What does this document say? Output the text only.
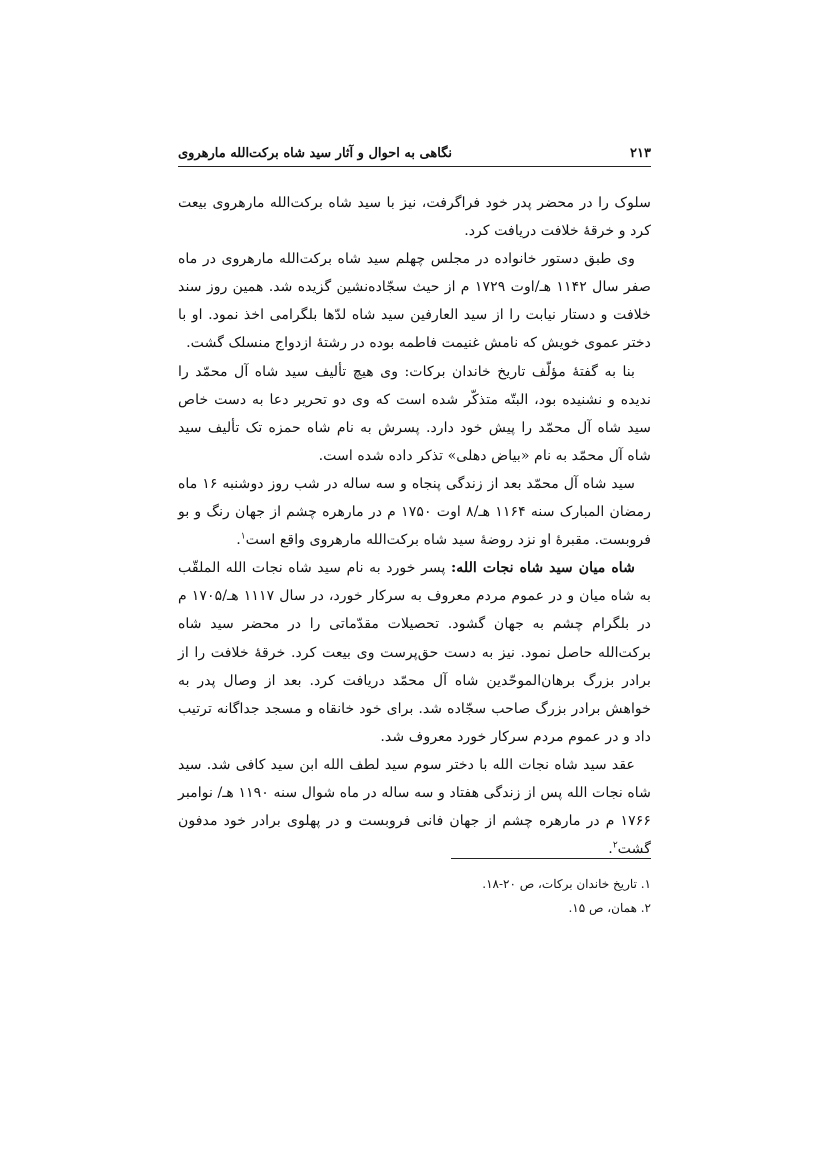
۲۱۳
نگاهی به احوال و آثار سید شاه برکت‌الله مارهروی

سلوک را در محضر پدر خود فراگرفت، نیز با سید شاه برکت‌الله مارهروی بیعت کرد و خرقهٔ خلافت دریافت کرد.

وی طبق دستور خانواده در مجلس چهلم سید شاه برکت‌الله مارهروی در ماه صفر سال ۱۱۴۲ هـ/اوت ۱۷۲۹ م از حیث سجّاده‌نشین گزیده شد. همین روز سند خلافت و دستار نیابت را از سید العارفین سید شاه لدّها بلگرامی اخذ نمود. او با دختر عموی خویش که نامش غنیمت فاطمه بوده در رشتهٔ ازدواج منسلک گشت.

بنا به گفتهٔ مؤلّف تاریخ خاندان برکات: وی هیچ تألیف سید شاه آل محمّد را ندیده و نشنیده بود، البتّه متذکّر شده است که وی دو تحریر دعا به دست خاص سید شاه آل محمّد را پیش خود دارد. پسرش به نام شاه حمزه تک تألیف سید شاه آل محمّد به نام «بیاض دهلی» تذکر داده شده است.

سید شاه آل محمّد بعد از زندگی پنجاه و سه ساله در شب روز دوشنبه ۱۶ ماه رمضان المبارک سنه ۱۱۶۴ هـ/۸ اوت ۱۷۵۰ م در مارهره چشم از جهان رنگ و بو فروبست. مقبرهٔ او نزد روضهٔ سید شاه برکت‌الله مارهروی واقع است$^۱$.

شاه میان سید شاه نجات الله: پسر خورد به نام سید شاه نجات الله الملقّب به شاه میان و در عموم مردم معروف به سرکار خورد، در سال ۱۱۱۷ هـ/۱۷۰۵ م در بلگرام چشم به جهان گشود. تحصیلات مقدّماتی را در محضر سید شاه برکت‌الله حاصل نمود. نیز به دست حق‌پرست وی بیعت کرد. خرقهٔ خلافت را از برادر بزرگ برهان‌الموحّدین شاه آل محمّد دریافت کرد. بعد از وصال پدر به خواهش برادر بزرگ صاحب سجّاده شد. برای خود خانقاه و مسجد جداگانه ترتیب داد و در عموم مردم سرکار خورد معروف شد.

عقد سید شاه نجات الله با دختر سوم سید لطف الله ابن سید کافی شد. سید شاه نجات الله پس از زندگی هفتاد و سه ساله در ماه شوال سنه ۱۱۹۰ هـ/ نوامبر ۱۷۶۶ م در مارهره چشم از جهان فانی فروبست و در پهلوی برادر خود مدفون گشت$^۲$.

۱. تاریخ خاندان برکات، ص ۲۰-۱۸.

۲. همان، ص ۱۵.
